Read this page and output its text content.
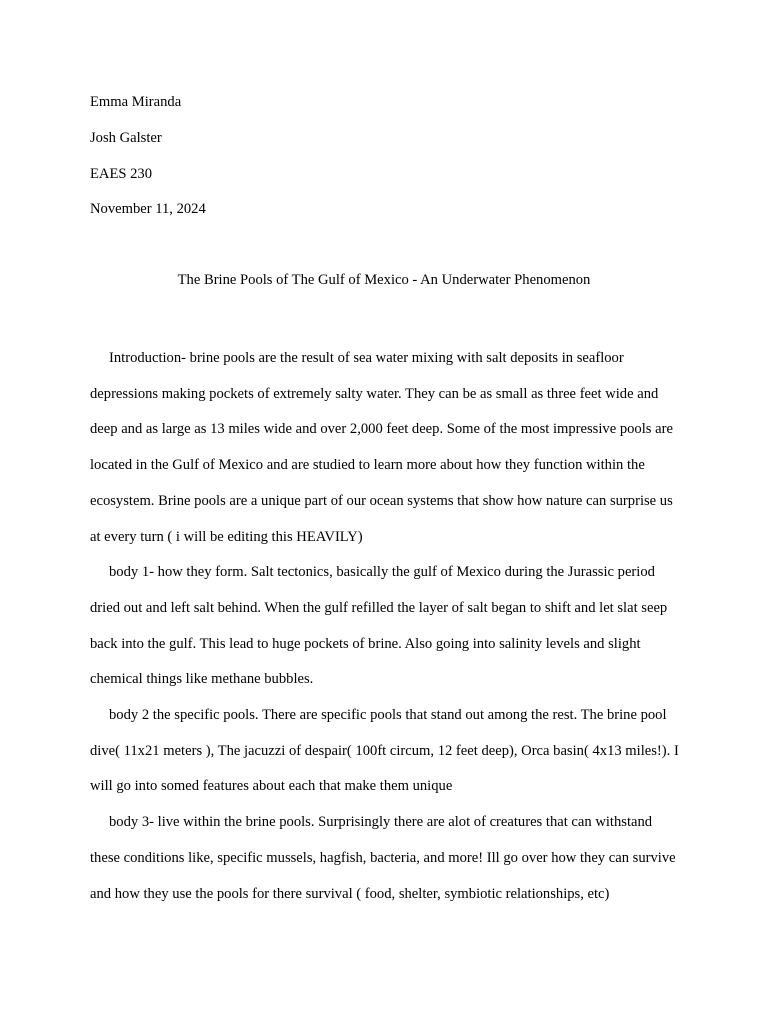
Emma Miranda
Josh Galster
EAES 230
November 11, 2024
The Brine Pools of The Gulf of Mexico - An Underwater Phenomenon

Introduction- brine pools are the result of sea water mixing with salt deposits in seafloor depressions making pockets of extremely salty water. They can be as small as three feet wide and deep and as large as 13 miles wide and over 2,000 feet deep. Some of the most impressive pools are located in the Gulf of Mexico and are studied to learn more about how they function within the ecosystem. Brine pools are a unique part of our ocean systems that show how nature can surprise us at every turn ( i will be editing this HEAVILY)

body 1- how they form. Salt tectonics, basically the gulf of Mexico during the Jurassic period dried out and left salt behind. When the gulf refilled the layer of salt began to shift and let slat seep back into the gulf. This lead to huge pockets of brine. Also going into salinity levels and slight chemical things like methane bubbles.

body 2 the specific pools. There are specific pools that stand out among the rest. The brine pool dive( 11x21 meters ), The jacuzzi of despair( 100ft circum, 12 feet deep), Orca basin( 4x13 miles!). I will go into somed features about each that make them unique

body 3- live within the brine pools. Surprisingly there are alot of creatures that can withstand these conditions like, specific mussels, hagfish, bacteria, and more! Ill go over how they can survive and how they use the pools for there survival ( food, shelter, symbiotic relationships, etc)
